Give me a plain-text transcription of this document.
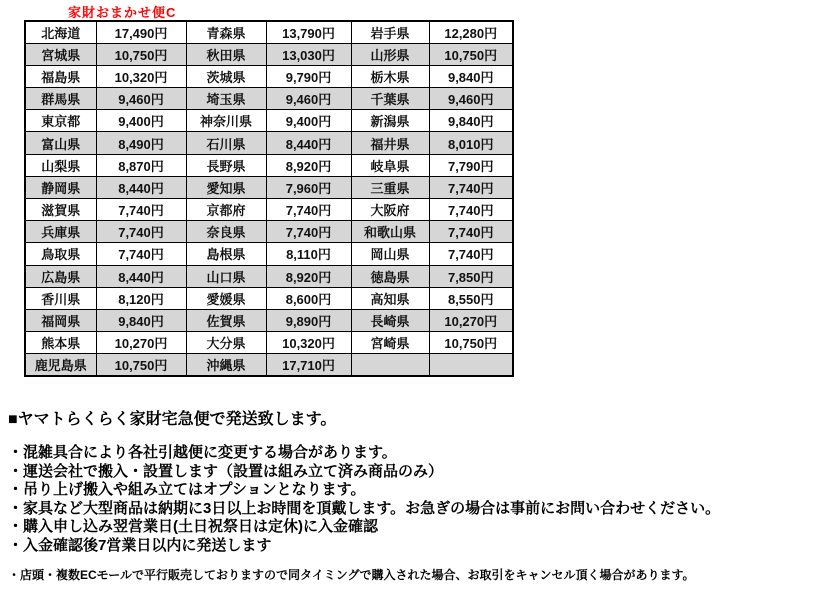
家財おまかせ便C
北海道	17,490円	青森県	13,790円	岩手県	12,280円
宮城県	10,750円	秋田県	13,030円	山形県	10,750円
福島県	10,320円	茨城県	9,790円	栃木県	9,840円
群馬県	9,460円	埼玉県	9,460円	千葉県	9,460円
東京都	9,400円	神奈川県	9,400円	新潟県	9,840円
富山県	8,490円	石川県	8,440円	福井県	8,010円
山梨県	8,870円	長野県	8,920円	岐阜県	7,790円
静岡県	8,440円	愛知県	7,960円	三重県	7,740円
滋賀県	7,740円	京都府	7,740円	大阪府	7,740円
兵庫県	7,740円	奈良県	7,740円	和歌山県	7,740円
鳥取県	7,740円	島根県	8,110円	岡山県	7,740円
広島県	8,440円	山口県	8,920円	徳島県	7,850円
香川県	8,120円	愛媛県	8,600円	高知県	8,550円
福岡県	9,840円	佐賀県	9,890円	長崎県	10,270円
熊本県	10,270円	大分県	10,320円	宮崎県	10,750円
鹿児島県	10,750円	沖縄県	17,710円		
■ヤマトらくらく家財宅急便で発送致します。
・混雑具合により各社引越便に変更する場合があります。
・運送会社で搬入・設置します（設置は組み立て済み商品のみ）
・吊り上げ搬入や組み立てはオプションとなります。
・家具など大型商品は納期に3日以上お時間を頂戴します。お急ぎの場合は事前にお問い合わせください。
・購入申し込み翌営業日(土日祝祭日は定休)に入金確認
・入金確認後7営業日以内に発送します
・店頭・複数ECモールで平行販売しておりますので同タイミングで購入された場合、お取引をキャンセル頂く場合があります。
